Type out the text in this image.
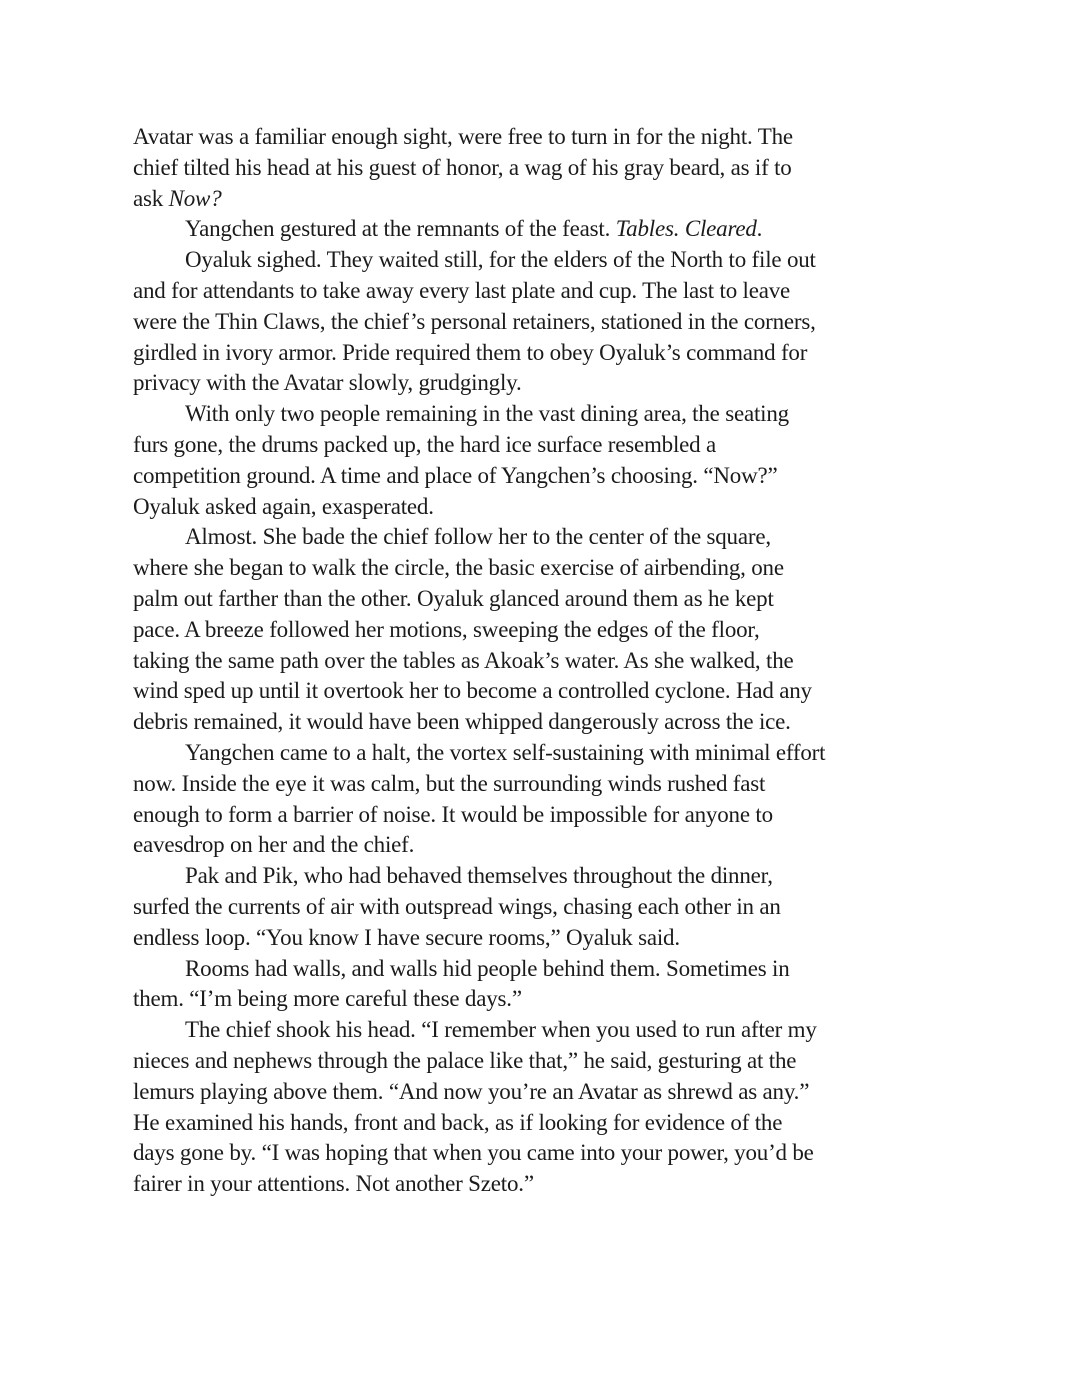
Avatar was a familiar enough sight, were free to turn in for the night. The
chief tilted his head at his guest of honor, a wag of his gray beard, as if to
ask Now?

Yangchen gestured at the remnants of the feast. Tables. Cleared.

Oyaluk sighed. They waited still, for the elders of the North to file out
and for attendants to take away every last plate and cup. The last to leave
were the Thin Claws, the chief’s personal retainers, stationed in the corners,
girdled in ivory armor. Pride required them to obey Oyaluk’s command for
privacy with the Avatar slowly, grudgingly.

With only two people remaining in the vast dining area, the seating
furs gone, the drums packed up, the hard ice surface resembled a
competition ground. A time and place of Yangchen’s choosing. “Now?”
Oyaluk asked again, exasperated.

Almost. She bade the chief follow her to the center of the square,
where she began to walk the circle, the basic exercise of airbending, one
palm out farther than the other. Oyaluk glanced around them as he kept
pace. A breeze followed her motions, sweeping the edges of the floor,
taking the same path over the tables as Akoak’s water. As she walked, the
wind sped up until it overtook her to become a controlled cyclone. Had any
debris remained, it would have been whipped dangerously across the ice.

Yangchen came to a halt, the vortex self-sustaining with minimal effort
now. Inside the eye it was calm, but the surrounding winds rushed fast
enough to form a barrier of noise. It would be impossible for anyone to
eavesdrop on her and the chief.

Pak and Pik, who had behaved themselves throughout the dinner,
surfed the currents of air with outspread wings, chasing each other in an
endless loop. “You know I have secure rooms,” Oyaluk said.

Rooms had walls, and walls hid people behind them. Sometimes in
them. “I’m being more careful these days.”

The chief shook his head. “I remember when you used to run after my
nieces and nephews through the palace like that,” he said, gesturing at the
lemurs playing above them. “And now you’re an Avatar as shrewd as any.”
He examined his hands, front and back, as if looking for evidence of the
days gone by. “I was hoping that when you came into your power, you’d be
fairer in your attentions. Not another Szeto.”
